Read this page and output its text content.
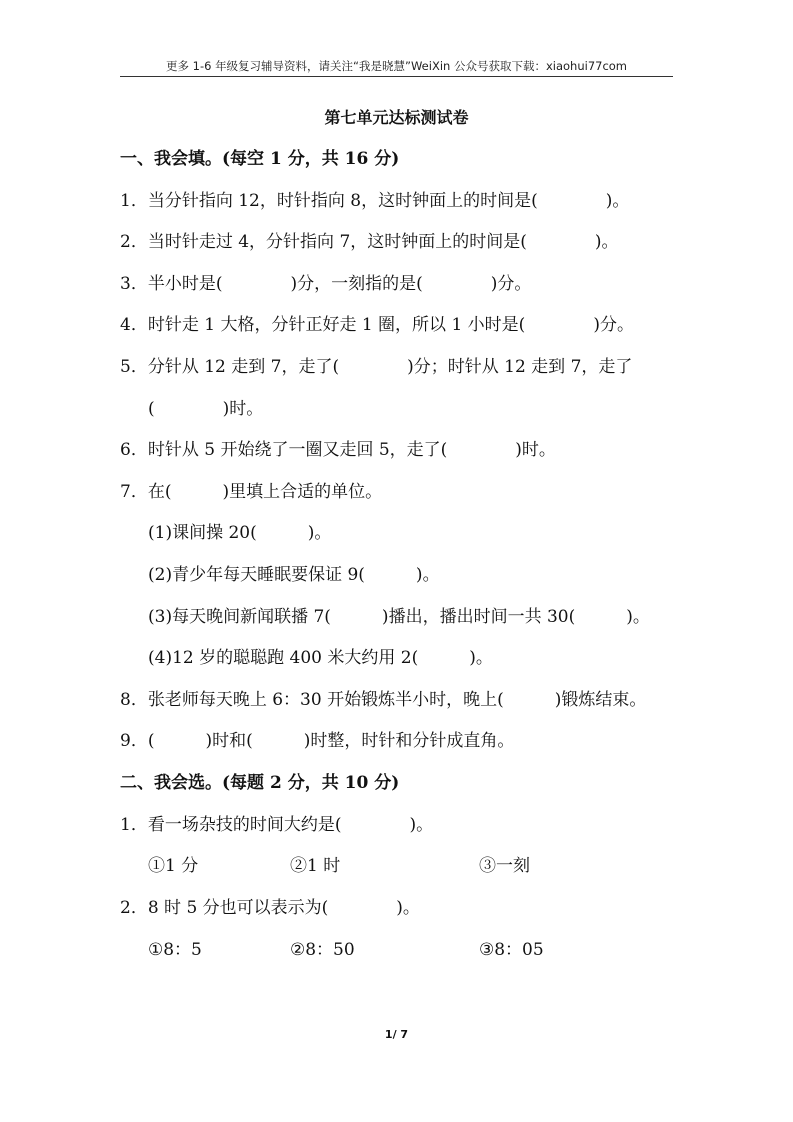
更多 1-6 年级复习辅导资料，请关注“我是晓慧”WeiXin 公众号获取下载：xiaohui77com
第七单元达标测试卷
一、我会填。(每空 1 分，共 16 分)
1．当分针指向 12，时针指向 8，这时钟面上的时间是(　　　　)。
2．当时针走过 4，分针指向 7，这时钟面上的时间是(　　　　)。
3．半小时是(　　　　)分，一刻指的是(　　　　)分。
4．时针走 1 大格，分针正好走 1 圈，所以 1 小时是(　　　　)分。
5．分针从 12 走到 7，走了(　　　　)分；时针从 12 走到 7，走了
(　　　　)时。
6．时针从 5 开始绕了一圈又走回 5，走了(　　　　)时。
7．在(　　　)里填上合适的单位。
(1)课间操 20(　　　)。
(2)青少年每天睡眠要保证 9(　　　)。
(3)每天晚间新闻联播 7(　　　)播出，播出时间一共 30(　　　)。
(4)12 岁的聪聪跑 400 米大约用 2(　　　)。
8．张老师每天晚上 6：30 开始锻炼半小时，晚上(　　　)锻炼结束。
9．(　　　)时和(　　　)时整，时针和分针成直角。
二、我会选。(每题 2 分，共 10 分)
1．看一场杂技的时间大约是(　　　　)。
①1 分	②1 时	③一刻
2．8 时 5 分也可以表示为(　　　　)。
①8：5	②8：50	③8：05
1/ 7
